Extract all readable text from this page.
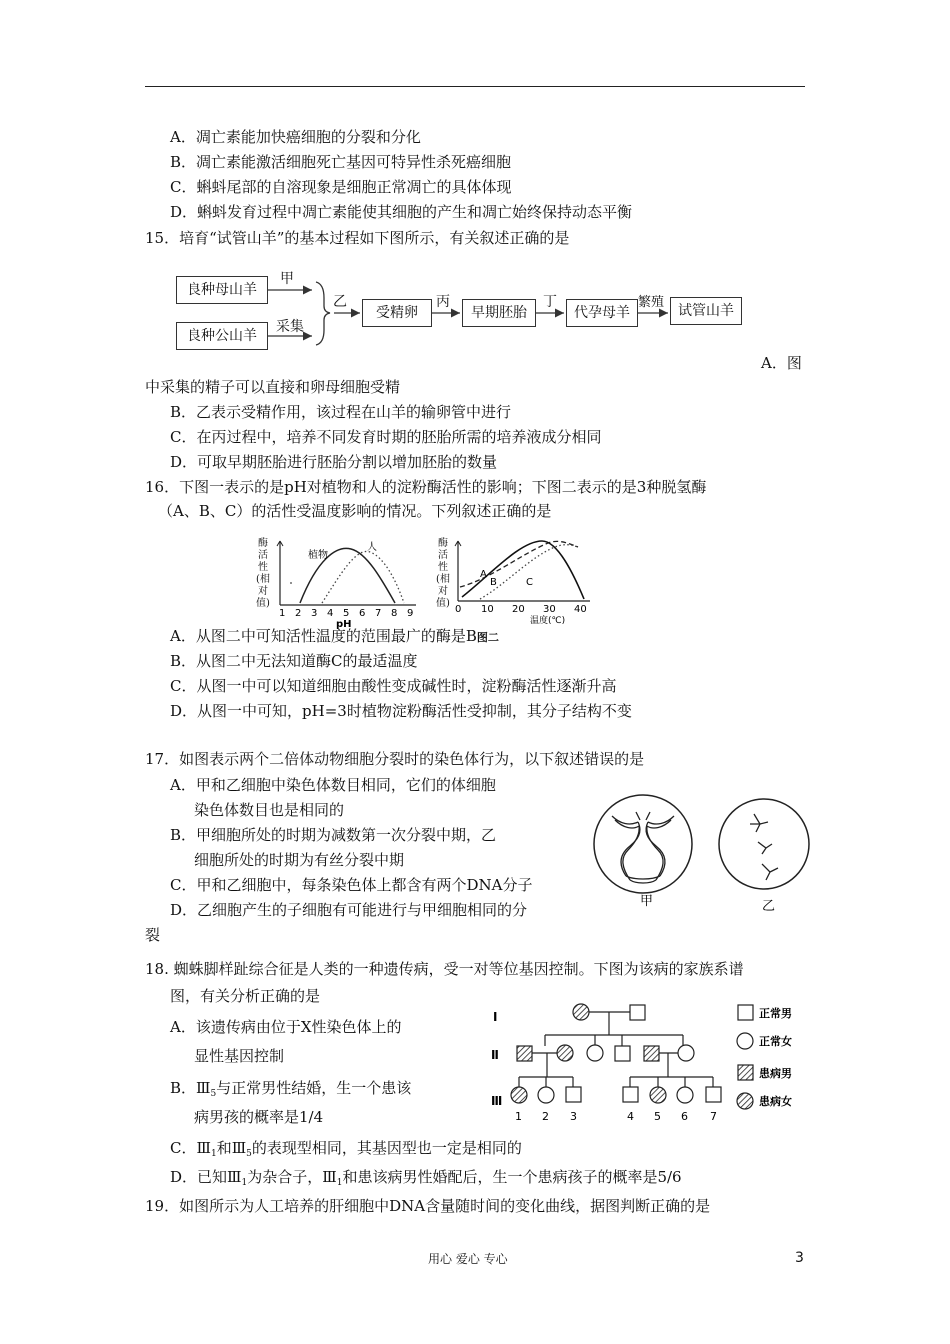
A．凋亡素能加快癌细胞的分裂和分化
B．凋亡素能激活细胞死亡基因可特异性杀死癌细胞
C．蝌蚪尾部的自溶现象是细胞正常凋亡的具体体现
D．蝌蚪发育过程中凋亡素能使其细胞的产生和凋亡始终保持动态平衡
15．培育“试管山羊”的基本过程如下图所示，有关叙述正确的是
良种母山羊
良种公山羊
甲
采集
乙
受精卵
丙
早期胚胎
丁
代孕母羊
繁殖
试管山羊
A．图
中采集的精子可以直接和卵母细胞受精
B．乙表示受精作用，该过程在山羊的输卵管中进行
C．在丙过程中，培养不同发育时期的胚胎所需的培养液成分相同
D．可取早期胚胎进行胚胎分割以增加胚胎的数量
16．下图一表示的是pH对植物和人的淀粉酶活性的影响；下图二表示的是3种脱氢酶
（A、B、C）的活性受温度影响的情况。下列叙述正确的是
酶
活
性
(相
对
值)
1 2 3 4 5 6 7 8 9
pH
植物
人	酶
活
性
(相
对
值)
0 10 20 30 40
温度(℃)
A
B	C
A．从图二中可知活性温度的范围最广的酶是B图二
B．从图二中无法知道酶C的最适温度
C．从图一中可以知道细胞由酸性变成碱性时，淀粉酶活性逐渐升高
D．从图一中可知，pH=3时植物淀粉酶活性受抑制，其分子结构不变
17．如图表示两个二倍体动物细胞分裂时的染色体行为，以下叙述错误的是
A．甲和乙细胞中染色体数目相同，它们的体细胞
染色体数目也是相同的
B．甲细胞所处的时期为减数第一次分裂中期，乙
细胞所处的时期为有丝分裂中期
C．甲和乙细胞中，每条染色体上都含有两个DNA分子
D．乙细胞产生的子细胞有可能进行与甲细胞相同的分
裂
甲	乙
18. 蜘蛛脚样趾综合征是人类的一种遗传病，受一对等位基因控制。下图为该病的家族系谱
图，有关分析正确的是
A．该遗传病由位于X性染色体上的
显性基因控制
B．$Ⅲ_5$与正常男性结婚，生一个患该
病男孩的概率是1/4
C．$Ⅲ_1$和$Ⅲ_5$的表现型相同，其基因型也一定是相同的
D．已知$Ⅲ_1$为杂合子，$Ⅲ_1$和患该病男性婚配后，生一个患病孩子的概率是5/6
Ⅰ
Ⅱ
Ⅲ
1 2 3	4 5 6 7
正常男
正常女
患病男
患病女
19．如图所示为人工培养的肝细胞中DNA含量随时间的变化曲线，据图判断正确的是
用心 爱心 专心	3
